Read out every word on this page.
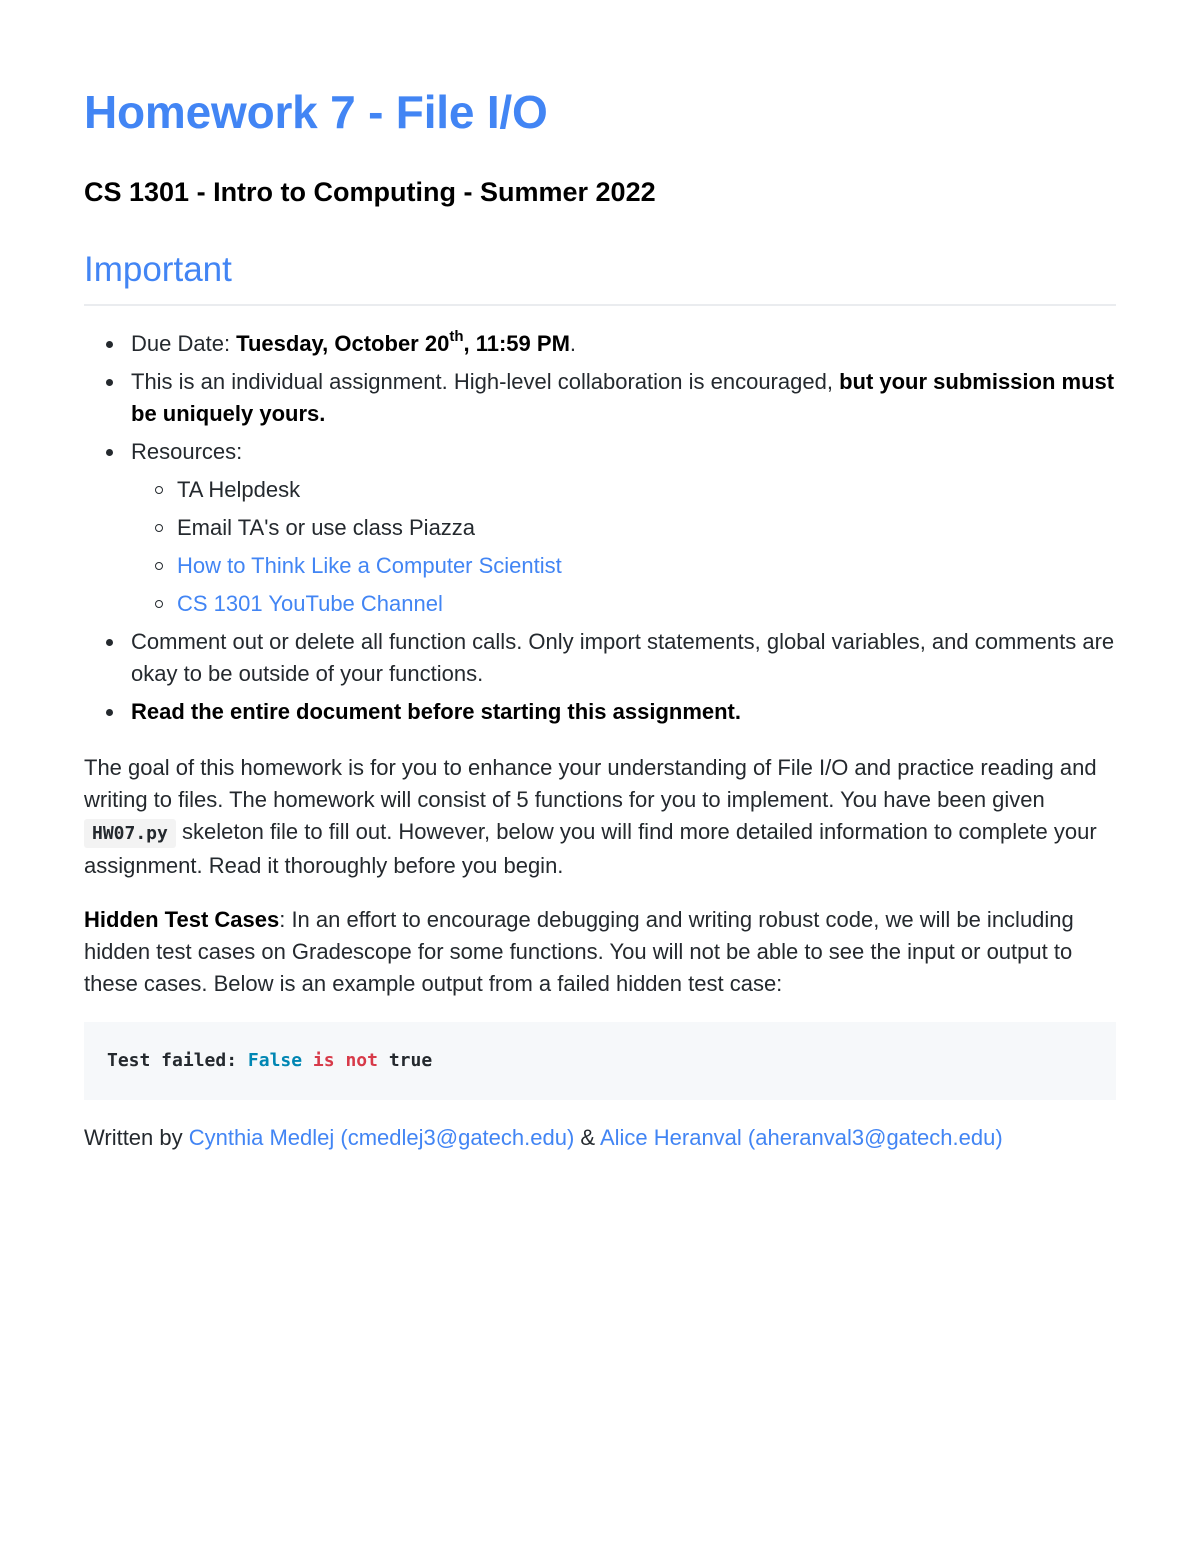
Homework 7 - File I/O
CS 1301 - Intro to Computing - Summer 2022
Important
Due Date: Tuesday, October 20th, 11:59 PM.
This is an individual assignment. High-level collaboration is encouraged, but your submission must be uniquely yours.
Resources:
TA Helpdesk
Email TA's or use class Piazza
How to Think Like a Computer Scientist
CS 1301 YouTube Channel
Comment out or delete all function calls. Only import statements, global variables, and comments are okay to be outside of your functions.
Read the entire document before starting this assignment.

The goal of this homework is for you to enhance your understanding of File I/O and practice reading and writing to files. The homework will consist of 5 functions for you to implement. You have been given HW07.py skeleton file to fill out. However, below you will find more detailed information to complete your assignment. Read it thoroughly before you begin.

Hidden Test Cases: In an effort to encourage debugging and writing robust code, we will be including hidden test cases on Gradescope for some functions. You will not be able to see the input or output to these cases. Below is an example output from a failed hidden test case:

Test failed: False is not true

Written by Cynthia Medlej (cmedlej3@gatech.edu) & Alice Heranval (aheranval3@gatech.edu)
